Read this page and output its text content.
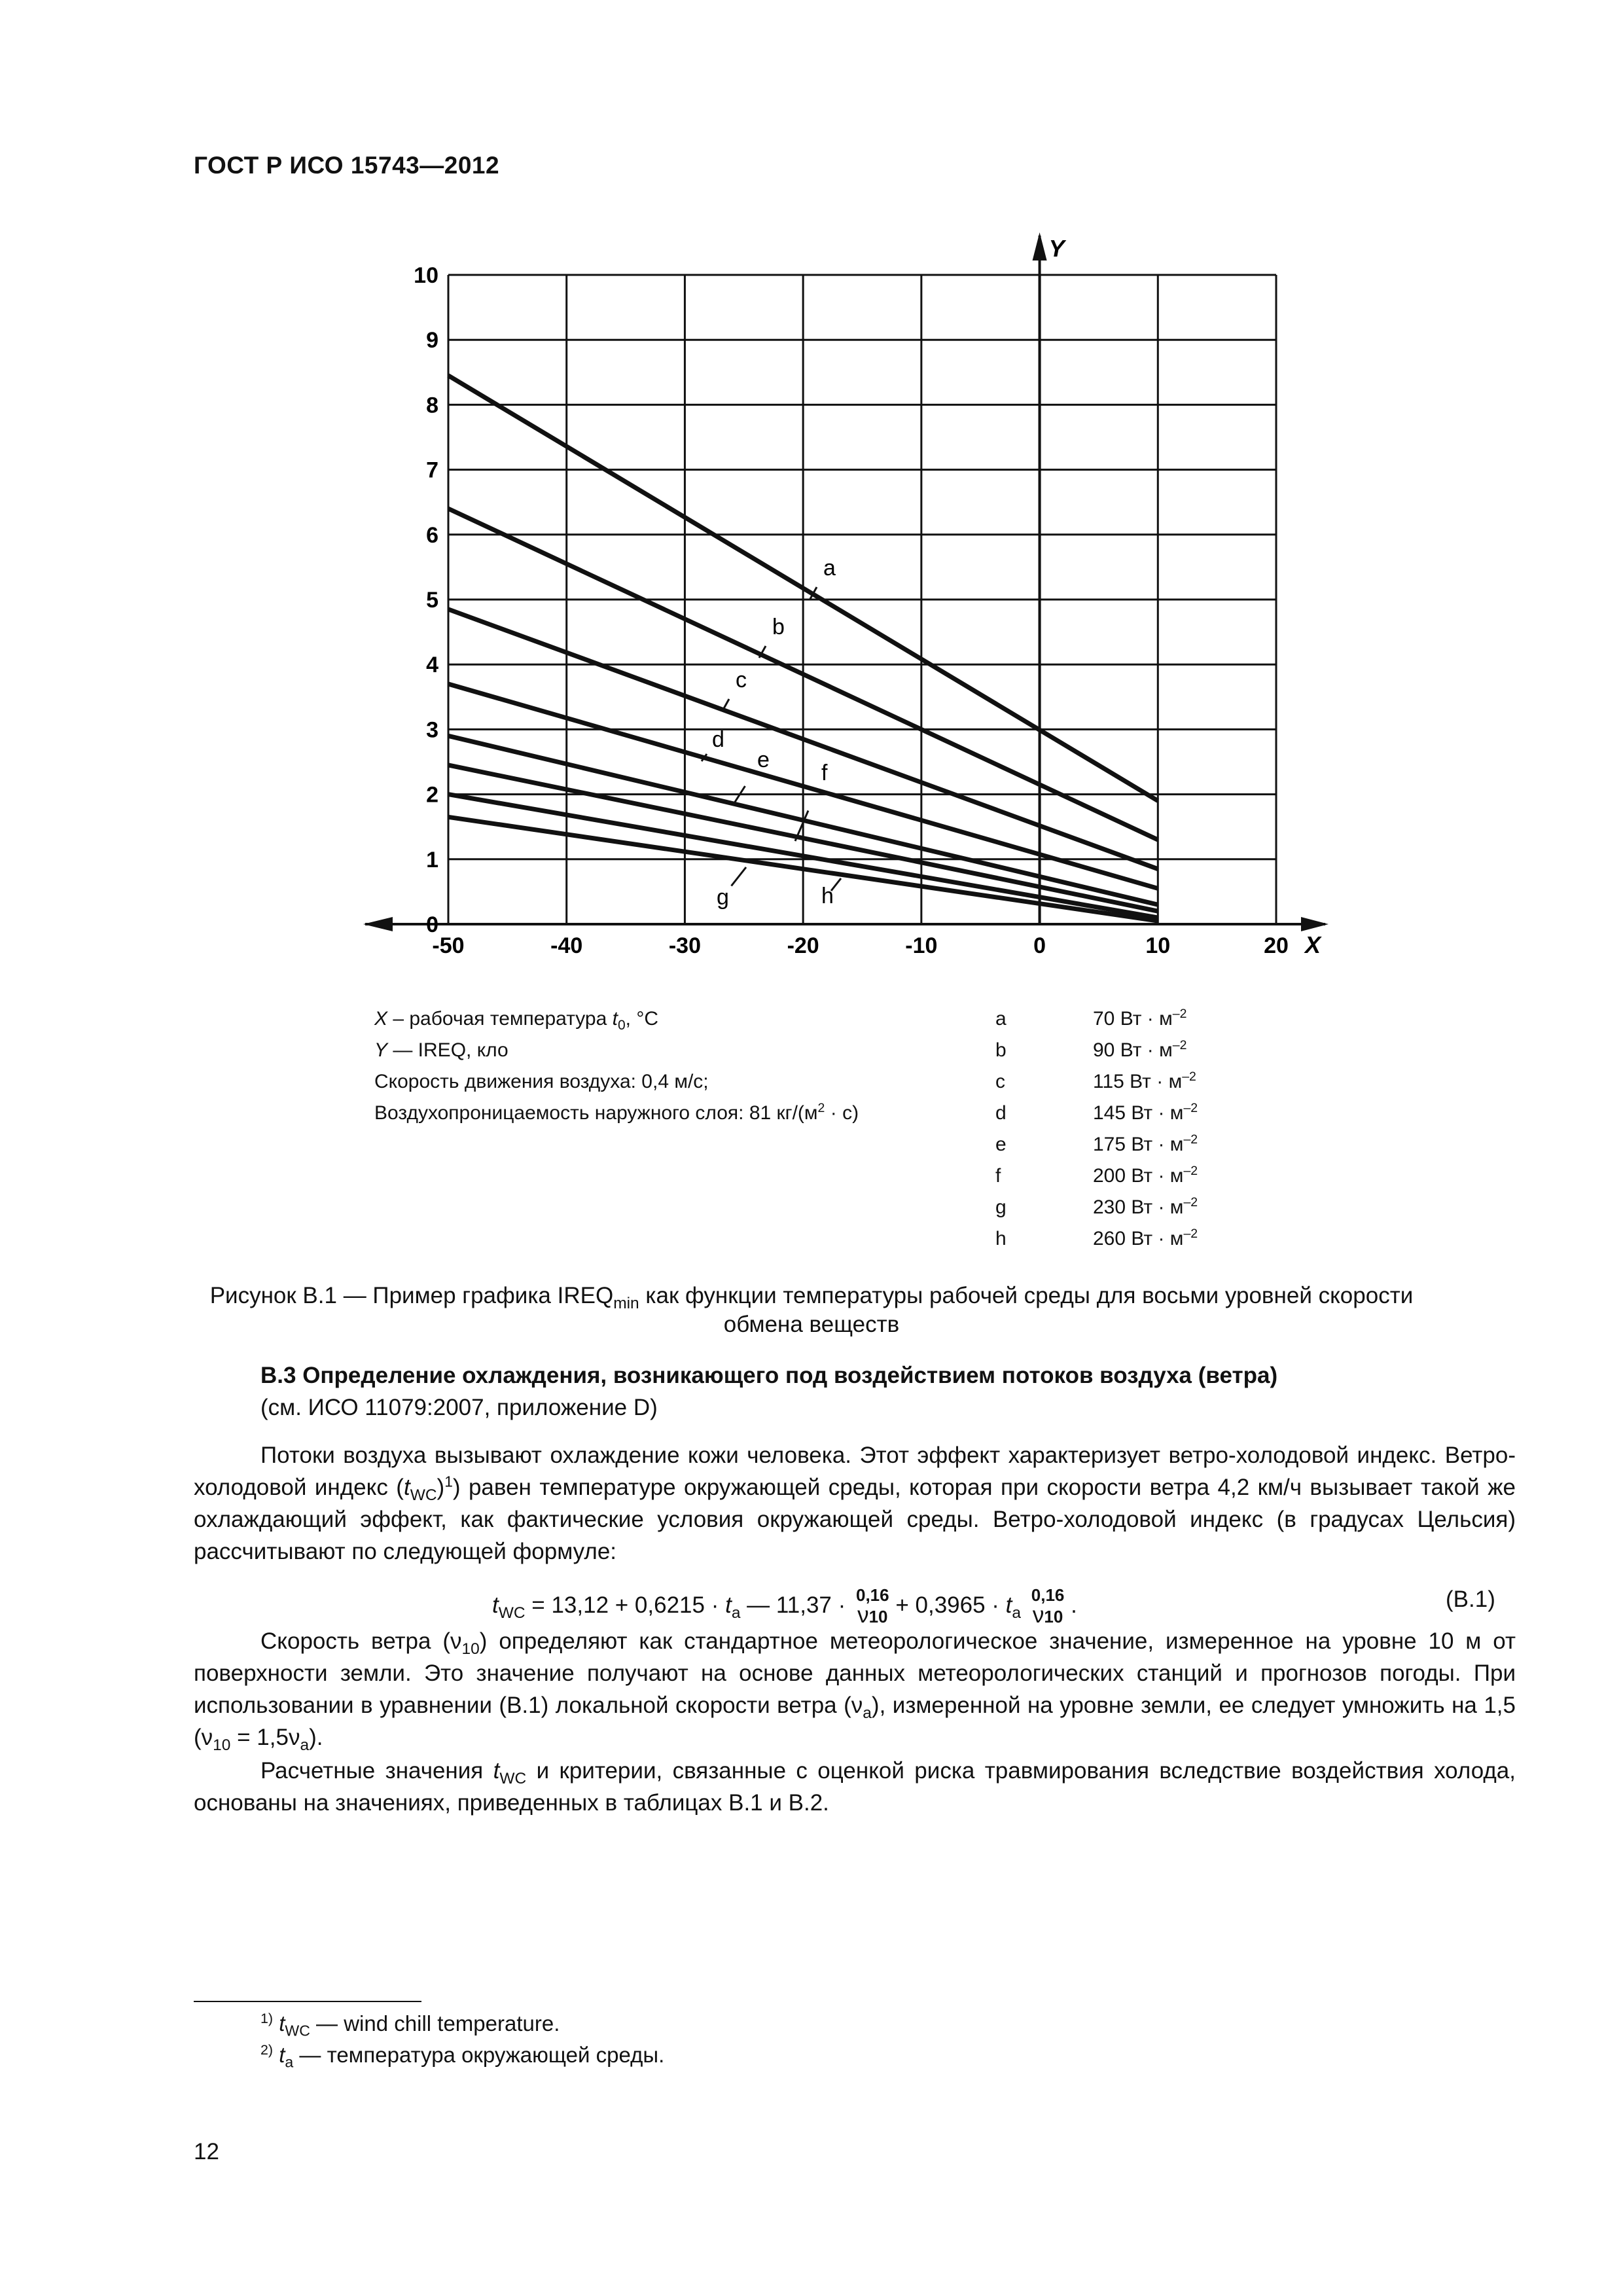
ГОСТ Р ИСО 15743—2012
X
Y
-50	-40	-30	-20	-10	0	10	20
0
1
2
3
4
5
6
7
8
9
10
a
b
c
d
e
f
g	h
X – рабочая температура $t_0$, °C
Y — IREQ, кло
Скорость движения воздуха: 0,4 м/с;
Воздухопроницаемость наружного слоя: 81 $кг/(м^2 \cdot с)$
a	70 Вт · $м^{-2}$
b	90 Вт · $м^{-2}$
c	115 Вт · $м^{-2}$
d	145 Вт · $м^{-2}$
e	175 Вт · $м^{-2}$
f	200 Вт · $м^{-2}$
g	230 Вт · $м^{-2}$
h	260 Вт · $м^{-2}$
Рисунок В.1 — Пример графика $IREQ_{min}$ как функции температуры рабочей среды для восьми уровней скорости
обмена веществ
В.3 Определение охлаждения, возникающего под воздействием потоков воздуха (ветра)
(см. ИСО 11079:2007, приложение D)
Потоки воздуха вызывают охлаждение кожи человека. Этот эффект характеризует ветро-холодовой индекс. Ветро-холодовой индекс $(t_{WC})^1$) равен температуре окружающей среды, которая при скорости ветра 4,2 км/ч вызывает такой же охлаждающий эффект, как фактические условия окружающей среды. Ветро-холодовой индекс (в градусах Цельсия) рассчитывают по следующей формуле:
$t_{WC} = 13,12 + 0,6215 \cdot t_a$ — 11,37 · 0,16
$\nu 10 + 0,3965 \cdot t_a$
0,16
ν10 .	(В.1)
Скорость ветра $(\nu_{10})$ определяют как стандартное метеорологическое значение, измеренное на уровне 10 м от поверхности земли. Это значение получают на основе данных метеорологических станций и прогнозов погоды. При использовании в уравнении (В.1) локальной скорости ветра $(\nu_a)$, измеренной на уровне земли, ее следует умножить на 1,5 $(\nu_{10} = 1,5\nu_a)$.
Расчетные значения $t_{WC}$ и критерии, связанные с оценкой риска травмирования вследствие воздействия холода, основаны на значениях, приведенных в таблицах В.1 и В.2.
$^{1)}$ $t_{WC}$ — wind chill temperature.
$^{2)}$ $t_a$ — температура окружающей среды.
12
